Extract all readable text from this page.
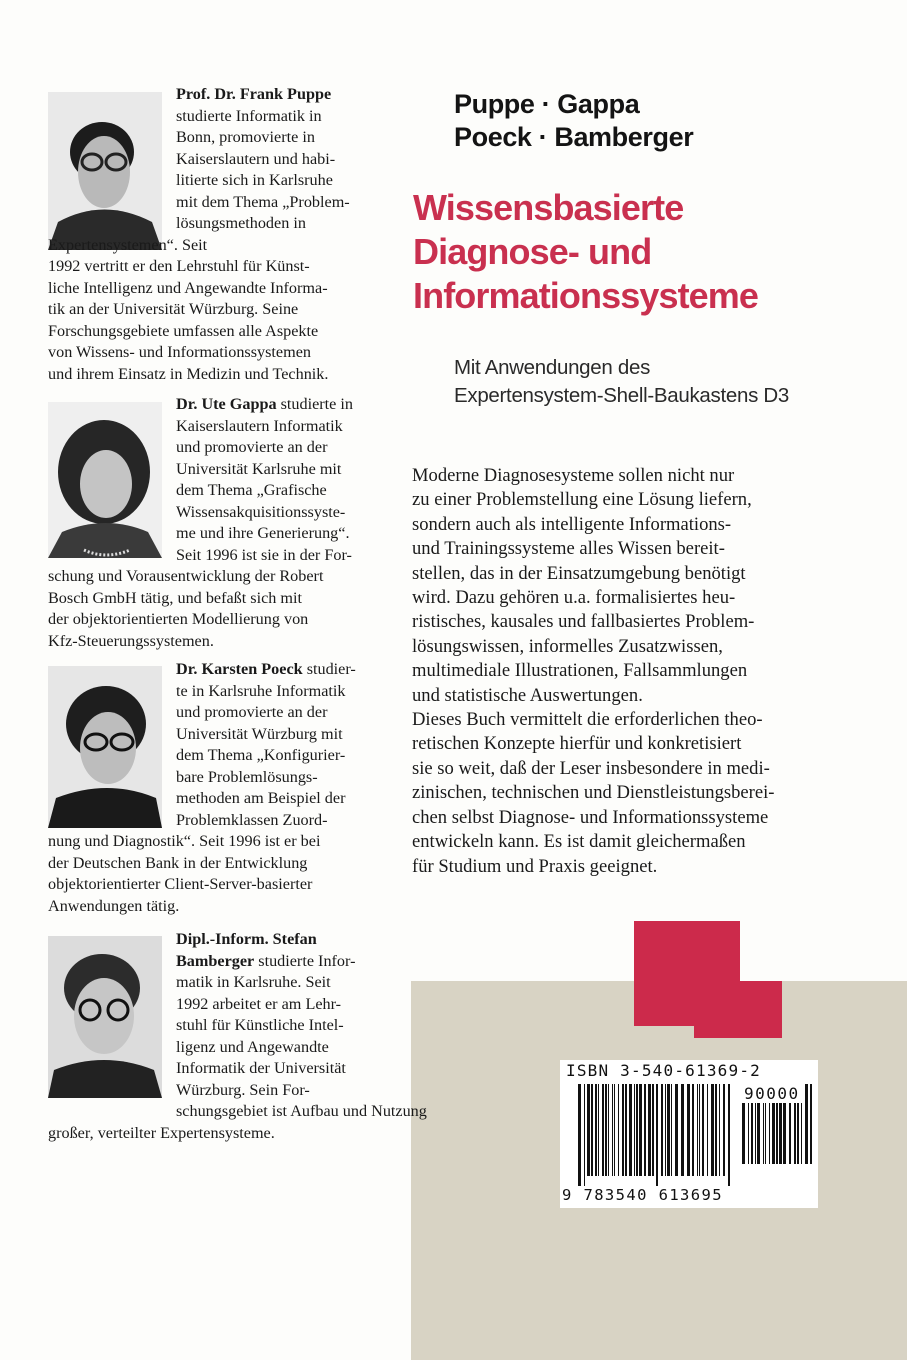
Prof. Dr. Frank Puppe
studierte Informatik in
Bonn, promovierte in
Kaiserslautern und habi-
litierte sich in Karlsruhe
mit dem Thema „Problem-
lösungsmethoden in
Expertensystemen“. Seit
1992 vertritt er den Lehrstuhl für Künst-
liche Intelligenz und Angewandte Informa-
tik an der Universität Würzburg. Seine
Forschungsgebiete umfassen alle Aspekte
von Wissens- und Informationssystemen
und ihrem Einsatz in Medizin und Technik.
Dr. Ute Gappa studierte in
Kaiserslautern Informatik
und promovierte an der
Universität Karlsruhe mit
dem Thema „Grafische
Wissensakquisitionssyste-
me und ihre Generierung“.
Seit 1996 ist sie in der For-
schung und Vorausentwicklung der Robert
Bosch GmbH tätig, und befaßt sich mit
der objektorientierten Modellierung von
Kfz-Steuerungssystemen.
Dr. Karsten Poeck studier-
te in Karlsruhe Informatik
und promovierte an der
Universität Würzburg mit
dem Thema „Konfigurier-
bare Problemlösungs-
methoden am Beispiel der
Problemklassen Zuord-
nung und Diagnostik“. Seit 1996 ist er bei
der Deutschen Bank in der Entwicklung
objektorientierter Client-Server-basierter
Anwendungen tätig.
Dipl.-Inform. Stefan
Bamberger studierte Infor-
matik in Karlsruhe. Seit
1992 arbeitet er am Lehr-
stuhl für Künstliche Intel-
ligenz und Angewandte
Informatik der Universität
Würzburg. Sein For-
schungsgebiet ist Aufbau und Nutzung
großer, verteilter Expertensysteme.
Puppe · Gappa
Poeck · Bamberger
Wissensbasierte
Diagnose- und
Informationssysteme
Mit Anwendungen des
Expertensystem-Shell-Baukastens D3
Moderne Diagnosesysteme sollen nicht nur
zu einer Problemstellung eine Lösung liefern,
sondern auch als intelligente Informations-
und Trainingssysteme alles Wissen bereit-
stellen, das in der Einsatzumgebung benötigt
wird. Dazu gehören u.a. formalisiertes heu-
ristisches, kausales und fallbasiertes Problem-
lösungswissen, informelles Zusatzwissen,
multimediale Illustrationen, Fallsammlungen
und statistische Auswertungen.
Dieses Buch vermittelt die erforderlichen theo-
retischen Konzepte hierfür und konkretisiert
sie so weit, daß der Leser insbesondere in medi-
zinischen, technischen und Dienstleistungsberei-
chen selbst Diagnose- und Informationssysteme
entwickeln kann. Es ist damit gleichermaßen
für Studium und Praxis geeignet.
ISBN 3-540-61369-2
90000
9 783540 613695
